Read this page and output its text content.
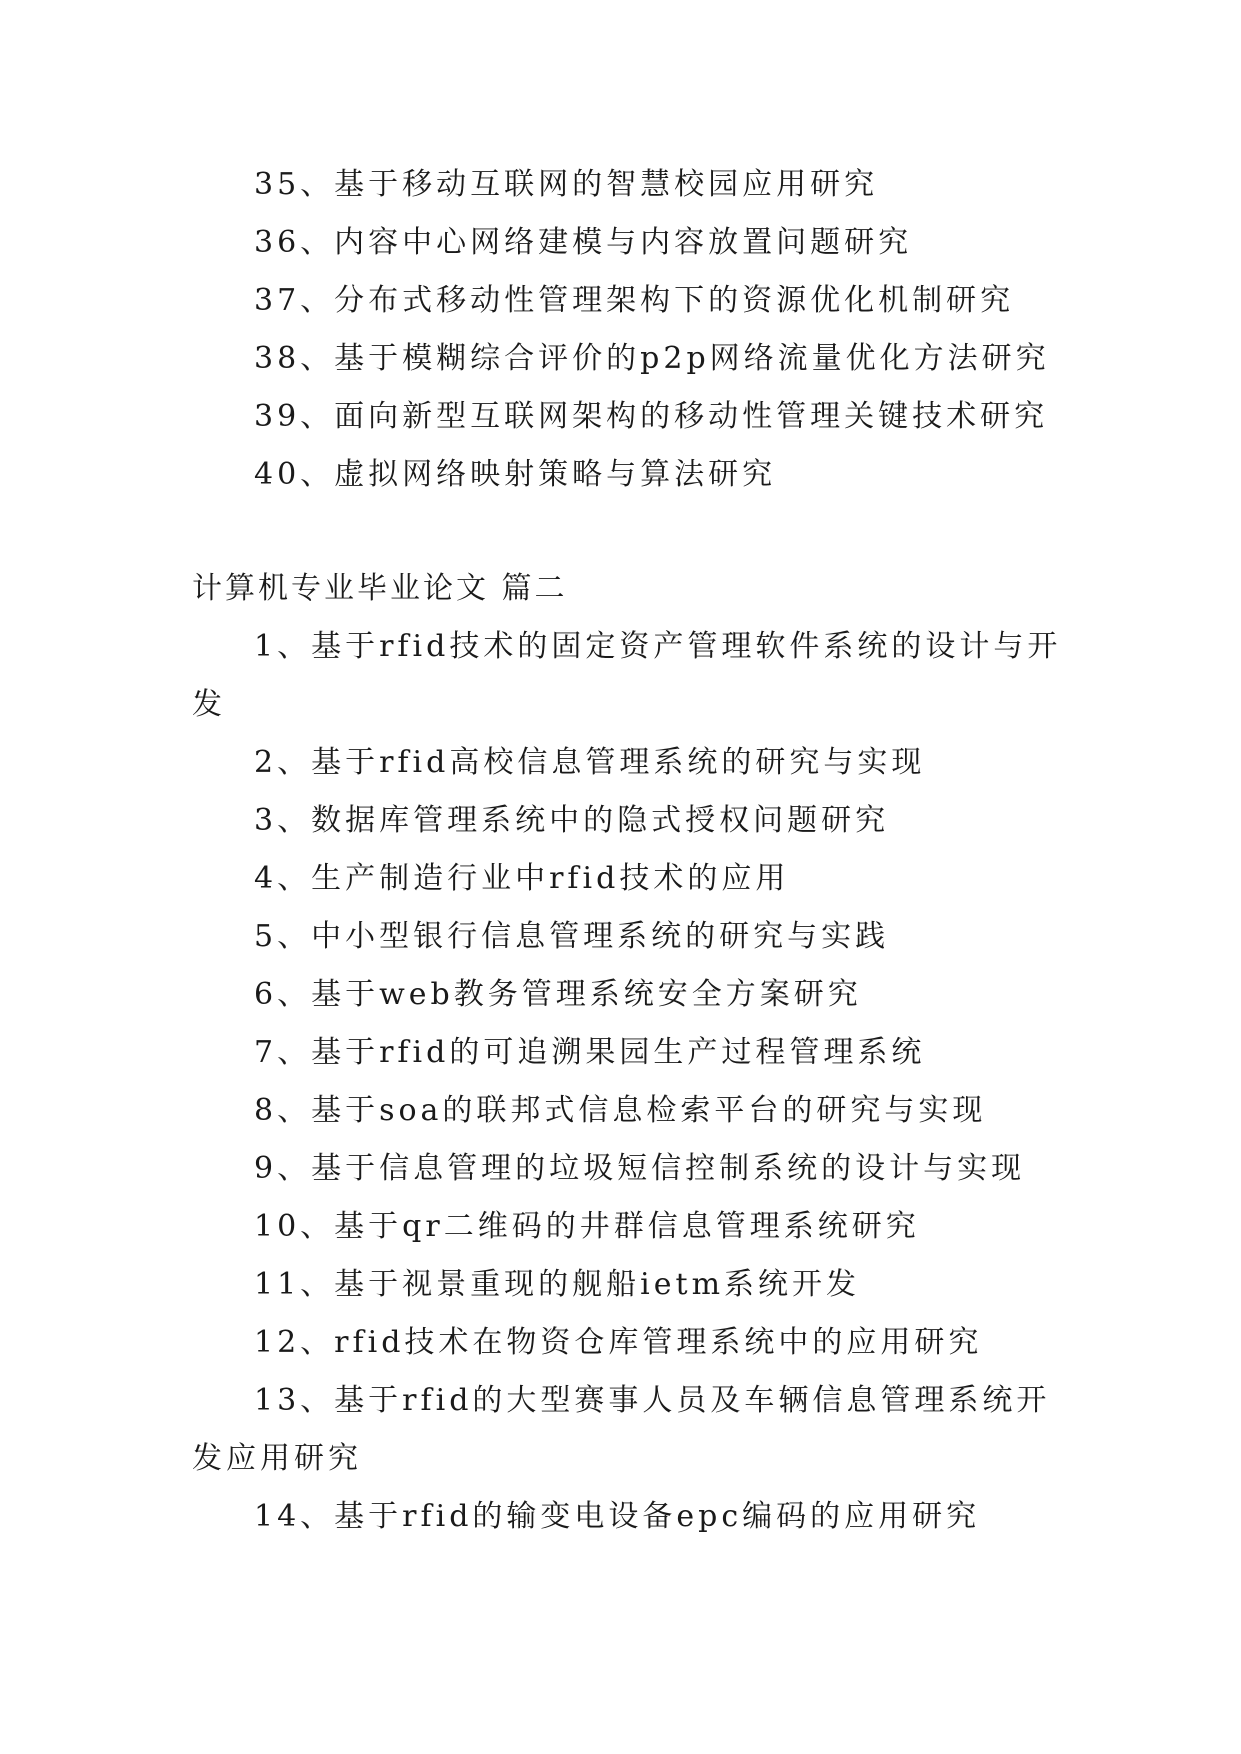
35、基于移动互联网的智慧校园应用研究
36、内容中心网络建模与内容放置问题研究
37、分布式移动性管理架构下的资源优化机制研究
38、基于模糊综合评价的p2p网络流量优化方法研究
39、面向新型互联网架构的移动性管理关键技术研究
40、虚拟网络映射策略与算法研究
计算机专业毕业论文 篇二
1、基于rfid技术的固定资产管理软件系统的设计与开
发
2、基于rfid高校信息管理系统的研究与实现
3、数据库管理系统中的隐式授权问题研究
4、生产制造行业中rfid技术的应用
5、中小型银行信息管理系统的研究与实践
6、基于web教务管理系统安全方案研究
7、基于rfid的可追溯果园生产过程管理系统
8、基于soa的联邦式信息检索平台的研究与实现
9、基于信息管理的垃圾短信控制系统的设计与实现
10、基于qr二维码的井群信息管理系统研究
11、基于视景重现的舰船ietm系统开发
12、rfid技术在物资仓库管理系统中的应用研究
13、基于rfid的大型赛事人员及车辆信息管理系统开
发应用研究
14、基于rfid的输变电设备epc编码的应用研究
